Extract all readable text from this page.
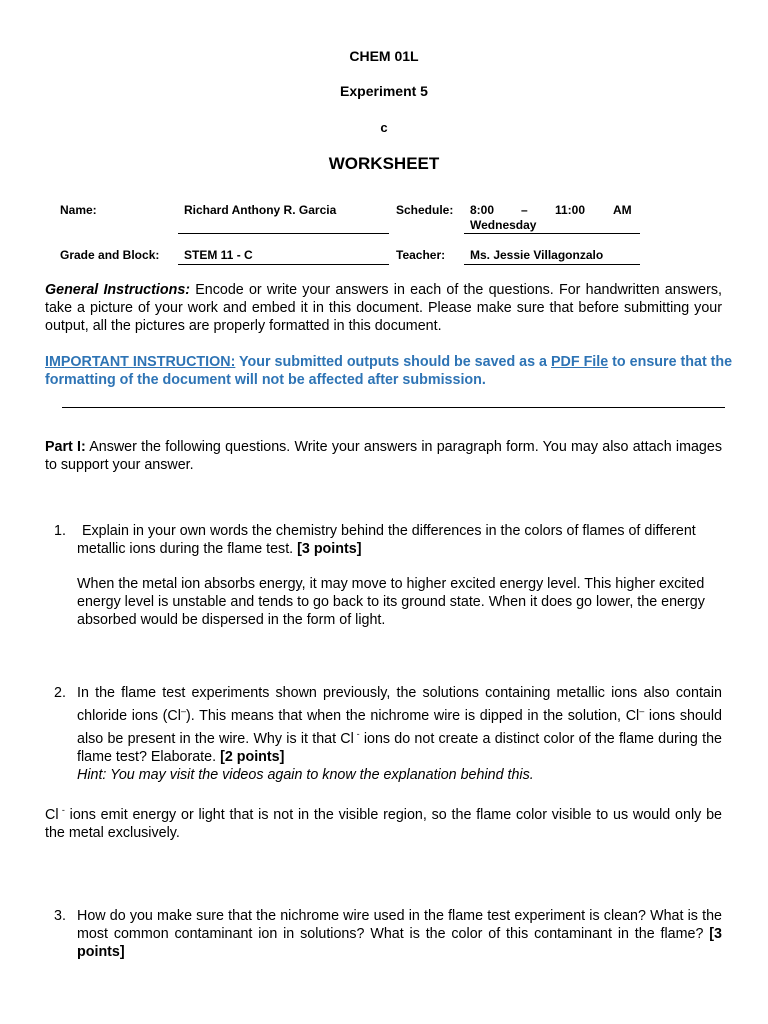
CHEM 01L
Experiment 5
c
WORKSHEET
Name:	Richard Anthony R. Garcia	Schedule: 8:00 – 11:00 AM
Wednesday
Grade and Block: STEM 11 - C	Teacher: Ms. Jessie Villagonzalo
General Instructions: Encode or write your answers in each of the questions. For handwritten answers, take a picture of your work and embed it in this document. Please make sure that before submitting your output, all the pictures are properly formatted in this document.
IMPORTANT INSTRUCTION: Your submitted outputs should be saved as a PDF File to ensure that the formatting of the document will not be affected after submission.
Part I: Answer the following questions. Write your answers in paragraph form. You may also attach images to support your answer.
1.	Explain in your own words the chemistry behind the differences in the colors of flames of different metallic ions during the flame test. [3 points]
When the metal ion absorbs energy, it may move to higher excited energy level. This higher excited energy level is unstable and tends to go back to its ground state. When it does go lower, the energy absorbed would be dispersed in the form of light.
2. In the flame test experiments shown previously, the solutions containing metallic ions also contain chloride ions (Cl–). This means that when the nichrome wire is dipped in the solution, Cl– ions should also be present in the wire. Why is it that Cl - ions do not create a distinct color of the flame during the flame test? Elaborate. [2 points]
Hint: You may visit the videos again to know the explanation behind this.
Cl - ions emit energy or light that is not in the visible region, so the flame color visible to us would only be the metal exclusively.
3. How do you make sure that the nichrome wire used in the flame test experiment is clean? What is the most common contaminant ion in solutions? What is the color of this contaminant in the flame? [3 points]
